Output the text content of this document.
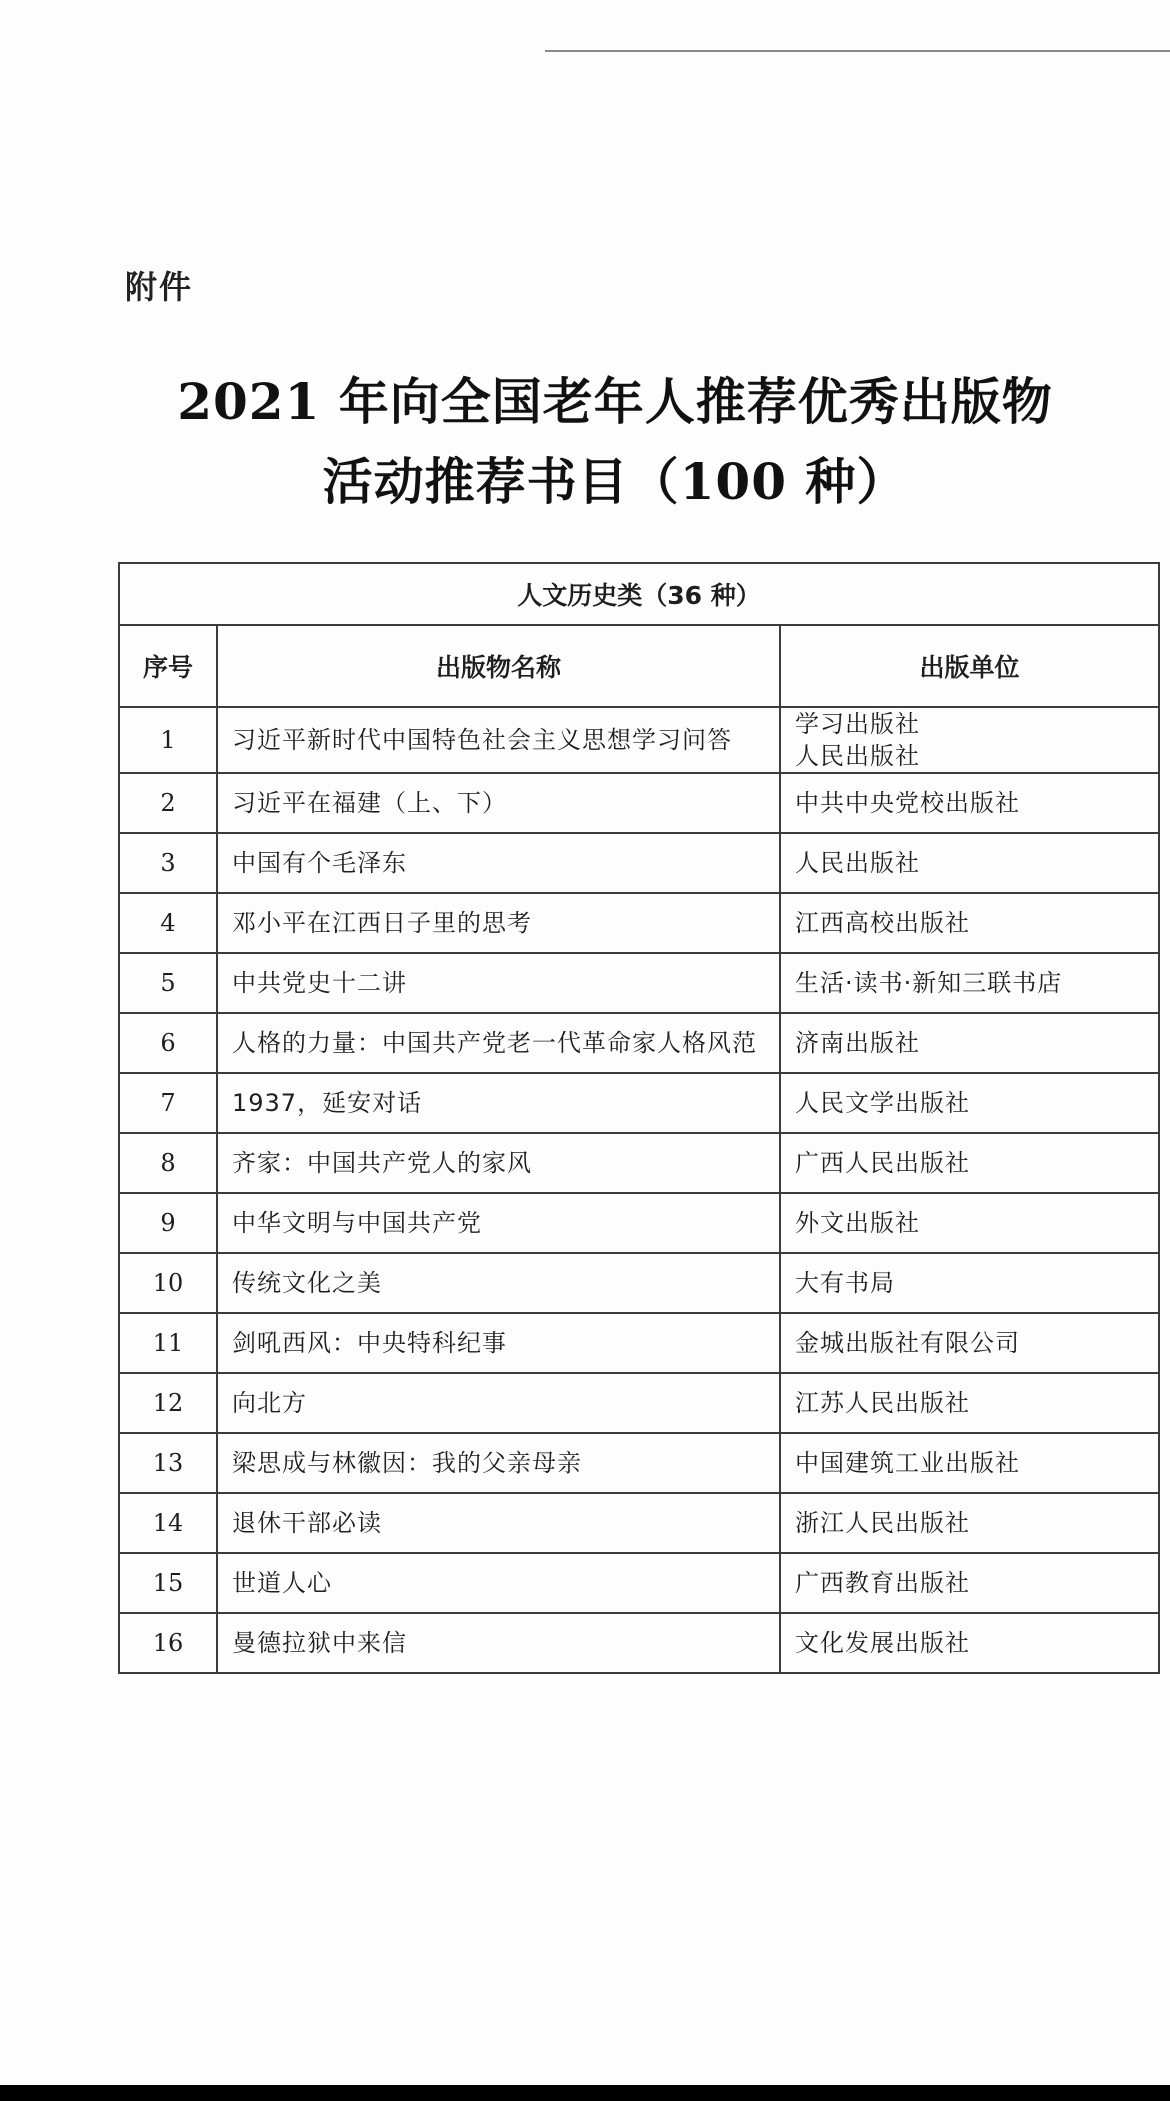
附件
2021 年向全国老年人推荐优秀出版物
活动推荐书目（100 种）
人文历史类（36 种）		
序号	出版物名称	出版单位
1	习近平新时代中国特色社会主义思想学习问答	学习出版社
人民出版社

2	习近平在福建（上、下）	中共中央党校出版社

3	中国有个毛泽东	人民出版社

4	邓小平在江西日子里的思考	江西高校出版社

5	中共党史十二讲	生活·读书·新知三联书店

6	人格的力量：中国共产党老一代革命家人格风范	济南出版社

7	1937，延安对话	人民文学出版社

8	齐家：中国共产党人的家风	广西人民出版社

9	中华文明与中国共产党	外文出版社

10	传统文化之美	大有书局

11	剑吼西风：中央特科纪事	金城出版社有限公司

12	向北方	江苏人民出版社

13	梁思成与林徽因：我的父亲母亲	中国建筑工业出版社

14	退休干部必读	浙江人民出版社

15	世道人心	广西教育出版社

16	曼德拉狱中来信	文化发展出版社
